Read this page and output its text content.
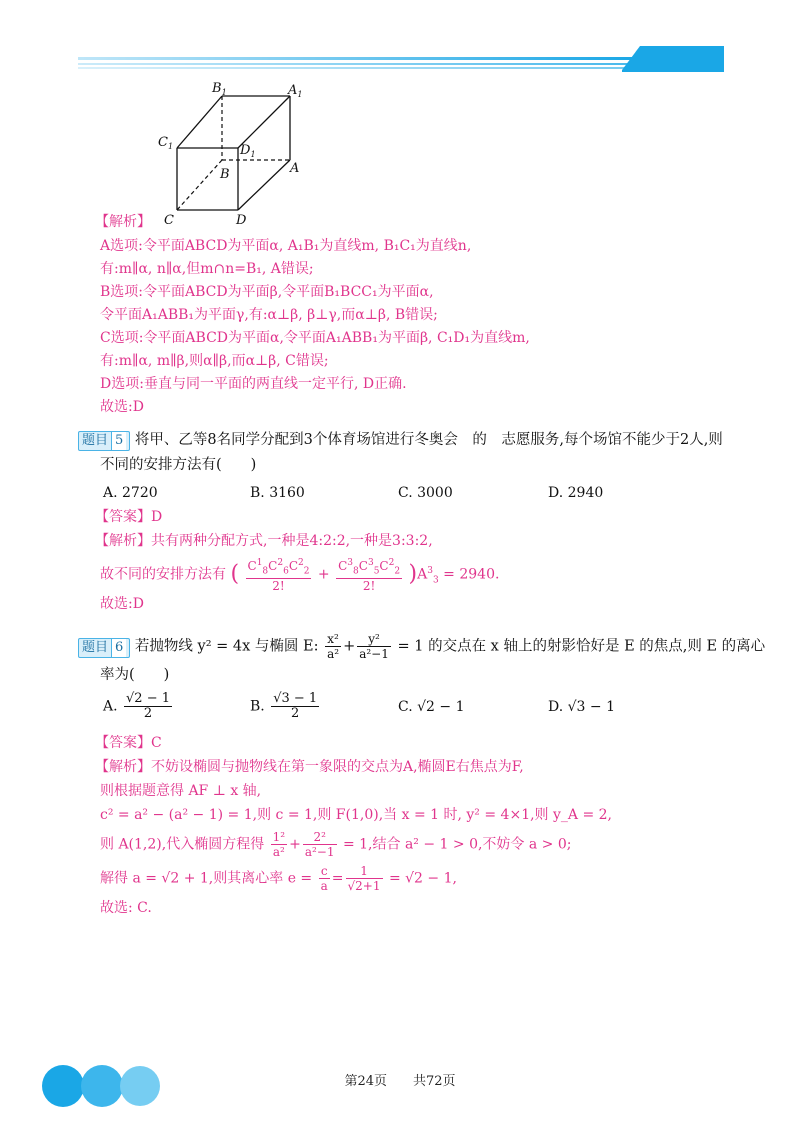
$B_1$	$A_1$
$C_1$	$D_1$
B	A
C	D
【解析】
A选项:令平面ABCD为平面α, A₁B₁为直线m, B₁C₁为直线n,
有:m∥α, n∥α,但m∩n=B₁, A错误;
B选项:令平面ABCD为平面β,令平面B₁BCC₁为平面α,
令平面A₁ABB₁为平面γ,有:α⊥β, β⊥γ,而α⊥β, B错误;
C选项:令平面ABCD为平面α,令平面A₁ABB₁为平面β, C₁D₁为直线m,
有:m∥α, m∥β,则α∥β,而α⊥β, C错误;
D选项:垂直与同一平面的两直线一定平行, D正确.
故选:D
题目 5 将甲、乙等8名同学分配到3个体育场馆进行冬奥会　的　志愿服务,每个场馆不能少于2人,则
不同的安排方法有(　　)
A. 2720	B. 3160	C. 3000	D. 2940
【答案】D
【解析】共有两种分配方式,一种是4:2:2,一种是3:3:2,
故不同的安排方法有 ( $\frac{C^1_8C^2_6C^2_2}{2!} + \frac{C^3_8C^3_5C^2_2}{2!} )A^3_3 = 2940$.
故选:D
题目 6 若抛物线 y² = 4x 与椭圆 E: $\frac{\text{x²}}{\text{a²}} + \frac{\text{y²}}{\text{a²−1}} = 1$ 的交点在 x 轴上的射影恰好是 E 的焦点,则 E 的离心
率为(　　)
A. $\frac{√2 - 1}{2}$	B. $\frac{√3 - 1}{2}$	C. √2 − 1	D. √3 − 1
【答案】C
【解析】不妨设椭圆与抛物线在第一象限的交点为A,椭圆E右焦点为F,
则根据题意得 AF ⊥ x 轴,
c² = a² − (a² − 1) = 1,则 c = 1,则 F(1,0),当 x = 1 时, y² = 4×1,则 y_A = 2,
则 A(1,2),代入椭圆方程得 $\frac{\text{1²}}{\text{a²}} + \frac{\text{2²}}{\text{a²−1}} = 1$,结合 a² − 1 > 0,不妨令 a > 0;
解得 a = √2 + 1,则其离心率 $e = \frac{c}{a} = \frac{1}{√2+1} = √2 - 1$,
故选: C.
第24页　　共72页
